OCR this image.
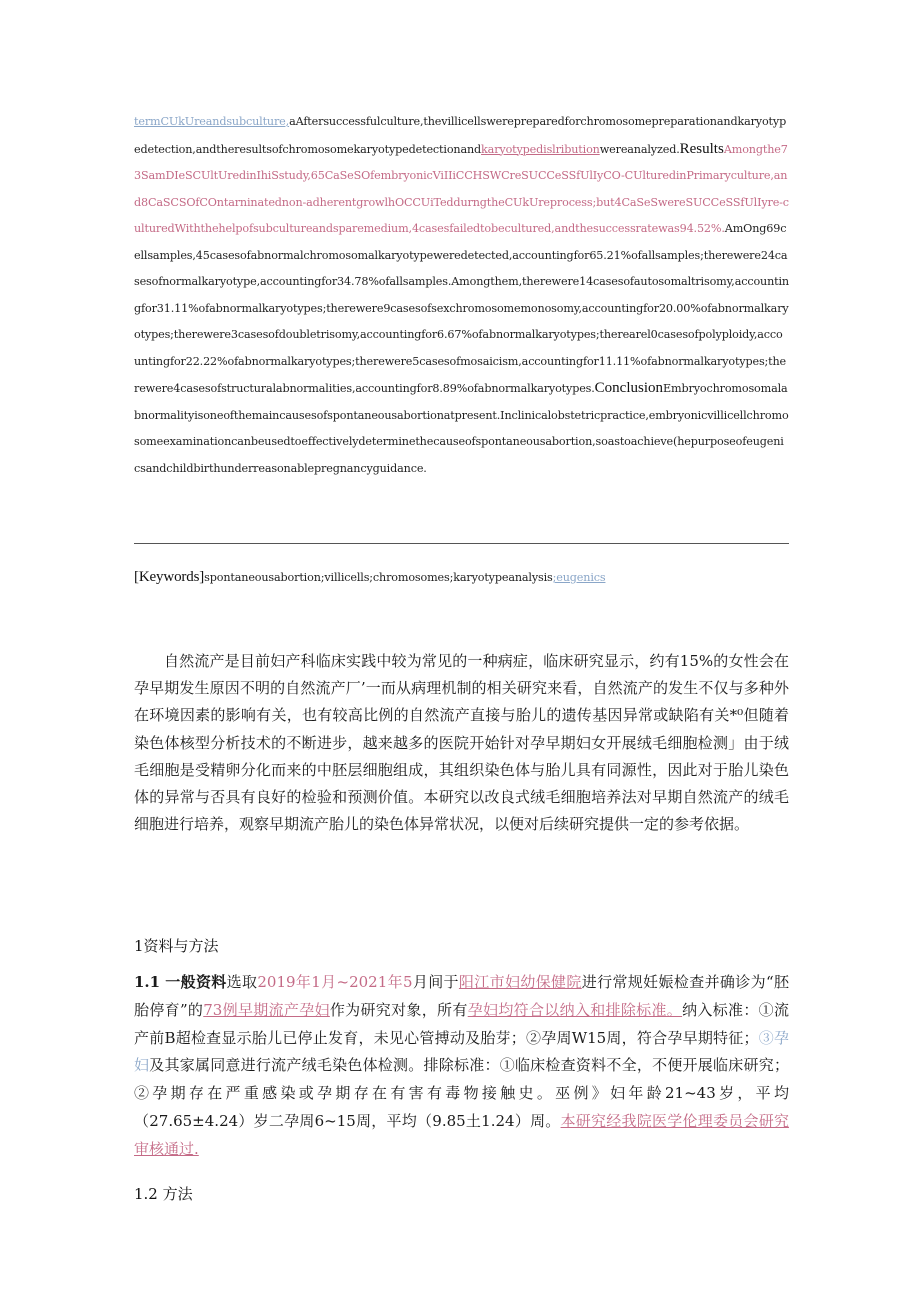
termCUkUreandsubculture,aAftersuccessfulculture,thevillicellswerepreparedforchromosomepreparationandkaryotypedetection,andtheresultsofchromosomekaryotypedetectionandkaryotypedislributionwereanalyzed.ResultsAmongthe73SamDIeSCUltUredinIhiSstudy,65CaSeSOfembryonicViIIiCCHSWCreSUCCeSSfUlIyCO-CUlturedinPrimaryculture,and8CaSCSOfCOntarninatednon-adherentgrowlhOCCUiTeddurngtheCUkUreprocess;but4CaSeSwereSUCCeSSfUlIyre-culturedWiththehelpofsubcultureandsparemedium,4casesfailedtobecultured,andthesuccessratewas94.52%.AmOng69cellsamples,45casesofabnormalchromosomalkaryotypeweredetected,accountingfor65.21%ofallsamples;therewere24casesofnormalkaryotype,accountingfor34.78%ofallsamples.Amongthem,therewere14casesofautosomaltrisomy,accountingfor31.11%ofabnormalkaryotypes;therewere9casesofsexchromosomemonosomy,accountingfor20.00%ofabnormalkaryotypes;therewere3casesofdoubletrisomy,accountingfor6.67%ofabnormalkaryotypes;therearel0casesofpolyploidy,accountingfor22.22%ofabnormalkaryotypes;therewere5casesofmosaicism,accountingfor11.11%ofabnormalkaryotypes;therewere4casesofstructuralabnormalities,accountingfor8.89%ofabnormalkaryotypes.ConclusionEmbryochromosomalabnormalityisoneofthemaincausesofspontaneousabortionatpresent.Inclinicalobstetricpractice,embryonicvillicellchromosomeexaminationcanbeusedtoeffectivelydeterminethecauseofspontaneousabortion,soastoachieve(hepurposeofeugenicsandchildbirthunderreasonablepregnancyguidance.

[Keywords]spontaneousabortion;villicells;chromosomes;karyotypeanalysis;eugenics

自然流产是目前妇产科临床实践中较为常见的一种病症，临床研究显示，约有15%的女性会在孕早期发生原因不明的自然流产厂’一而从病理机制的相关研究来看，自然流产的发生不仅与多种外在环境因素的影响有关，也有较高比例的自然流产直接与胎儿的遗传基因异常或缺陷有关*⁰但随着染色体核型分析技术的不断进步，越来越多的医院开始针对孕早期妇女开展绒毛细胞检测」由于绒毛细胞是受精卵分化而来的中胚层细胞组成，其组织染色体与胎儿具有同源性，因此对于胎儿染色体的异常与否具有良好的检验和预测价值。本研究以改良式绒毛细胞培养法对早期自然流产的绒毛细胞进行培养，观察早期流产胎儿的染色体异常状况，以便对后续研究提供一定的参考依据。

1资料与方法

1.1 一般资料选取2019年1月~2021年5月间于阳江市妇幼保健院进行常规妊娠检查并确诊为“胚胎停育”的73例早期流产孕妇作为研究对象，所有孕妇均符合以纳入和排除标准。纳入标准：①流产前B超检查显示胎儿已停止发育，未见心管搏动及胎芽；②孕周W15周，符合孕早期特征；③孕妇及其家属同意进行流产绒毛染色体检测。排除标准：①临床检查资料不全，不便开展临床研究；②孕期存在严重感染或孕期存在有害有毒物接触史。巫例》妇年龄21~43岁，平均（27.65±4.24）岁二孕周6~15周，平均（9.85土1.24）周。本研究经我院医学伦理委员会研究审核通过.

1.2 方法
